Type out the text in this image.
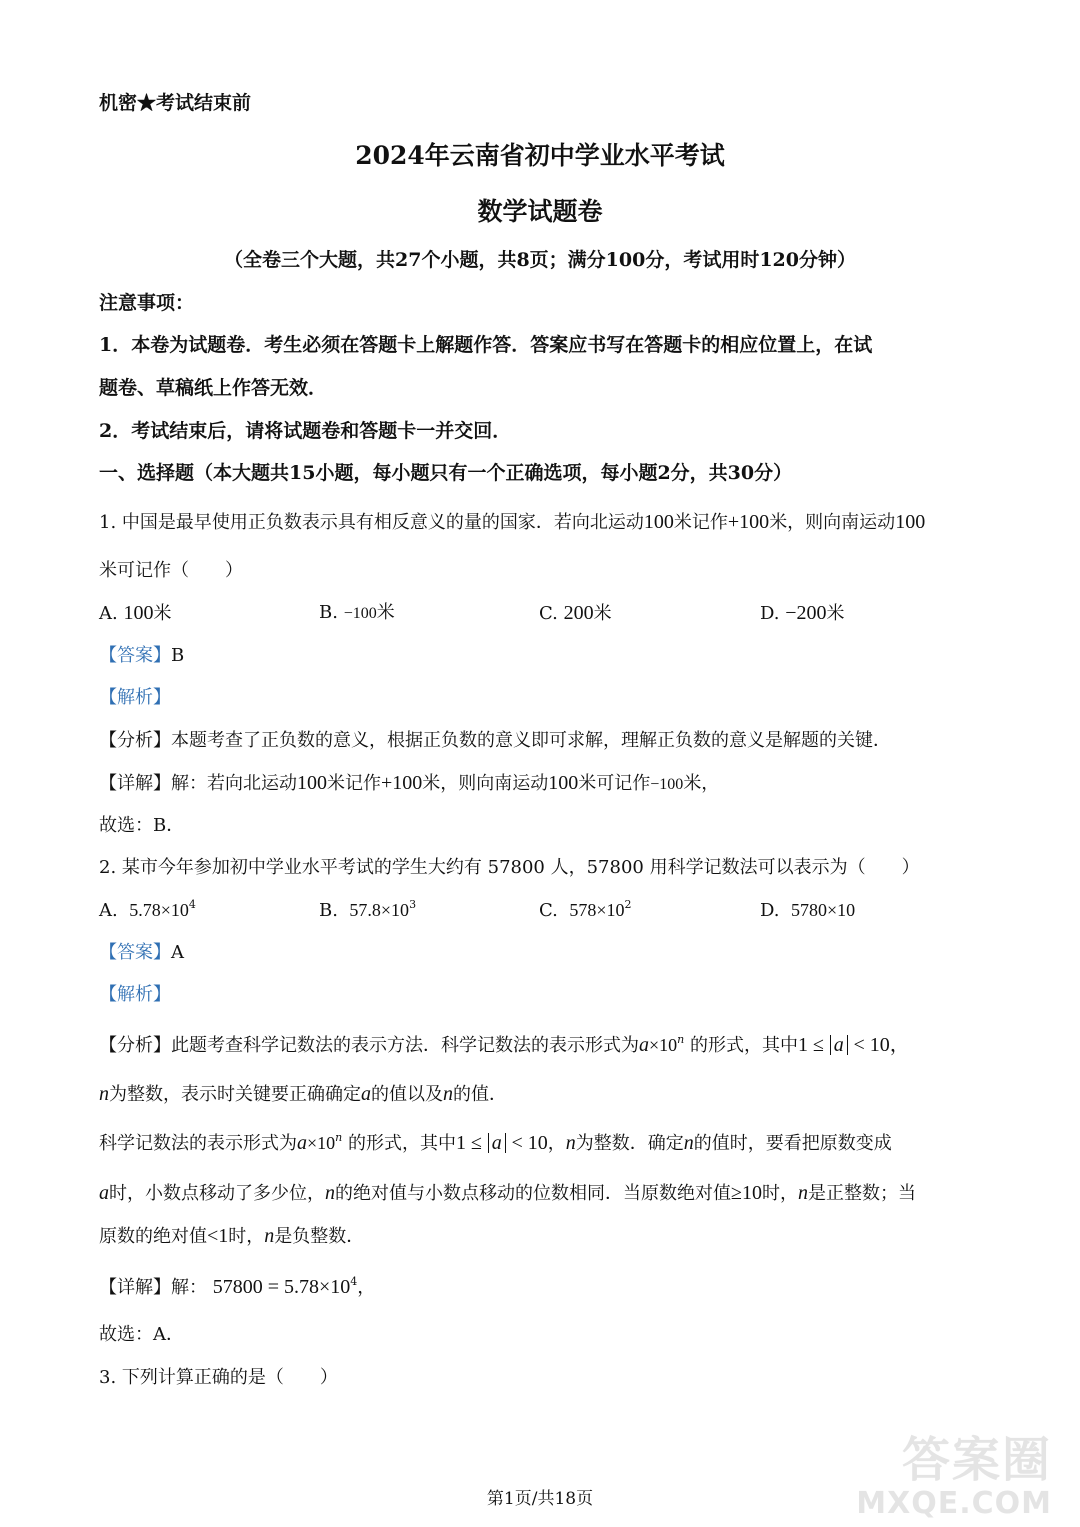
机密★考试结束前
2024年云南省初中学业水平考试
数学试题卷
（全卷三个大题，共27个小题，共8页；满分100分，考试用时120分钟）
注意事项：
1．本卷为试题卷．考生必须在答题卡上解题作答．答案应书写在答题卡的相应位置上，在试
题卷、草稿纸上作答无效．
2．考试结束后，请将试题卷和答题卡一并交回．
一、选择题（本大题共15小题，每小题只有一个正确选项，每小题2分，共30分）
1. 中国是最早使用正负数表示具有相反意义的量的国家．若向北运动100米记作+100米，则向南运动100
米可记作（　　）
A. 100米	B. −100米	C. 200米	D. −200米
【答案】B
【解析】
【分析】本题考查了正负数的意义，根据正负数的意义即可求解，理解正负数的意义是解题的关键．
【详解】解：若向北运动100米记作+100米，则向南运动100米可记作−100米，
故选：B．
2. 某市今年参加初中学业水平考试的学生大约有 57800 人，57800 用科学记数法可以表示为（　　）
A. $5.78\times 10^4$	B. $57.8\times 10^3$	C. $578\times 10^2$	D. 5780×10
【答案】A
【解析】
【分析】此题考查科学记数法的表示方法．科学记数法的表示形式为$a\times 10^n$ 的形式，其中1 ≤ a < 10，
n为整数，表示时关键要正确确定a的值以及n的值．
科学记数法的表示形式为$a\times 10^n$ 的形式，其中1 ≤ a < 10，n为整数．确定n的值时，要看把原数变成
a时，小数点移动了多少位，n的绝对值与小数点移动的位数相同．当原数绝对值≥10时，n是正整数；当
原数的绝对值<1时，n是负整数．
【详解】解： $57800 = 5.78\times 10^4$，
故选：A．
3. 下列计算正确的是（　　）
第1页/共18页
答案圈
MXQE.COM
